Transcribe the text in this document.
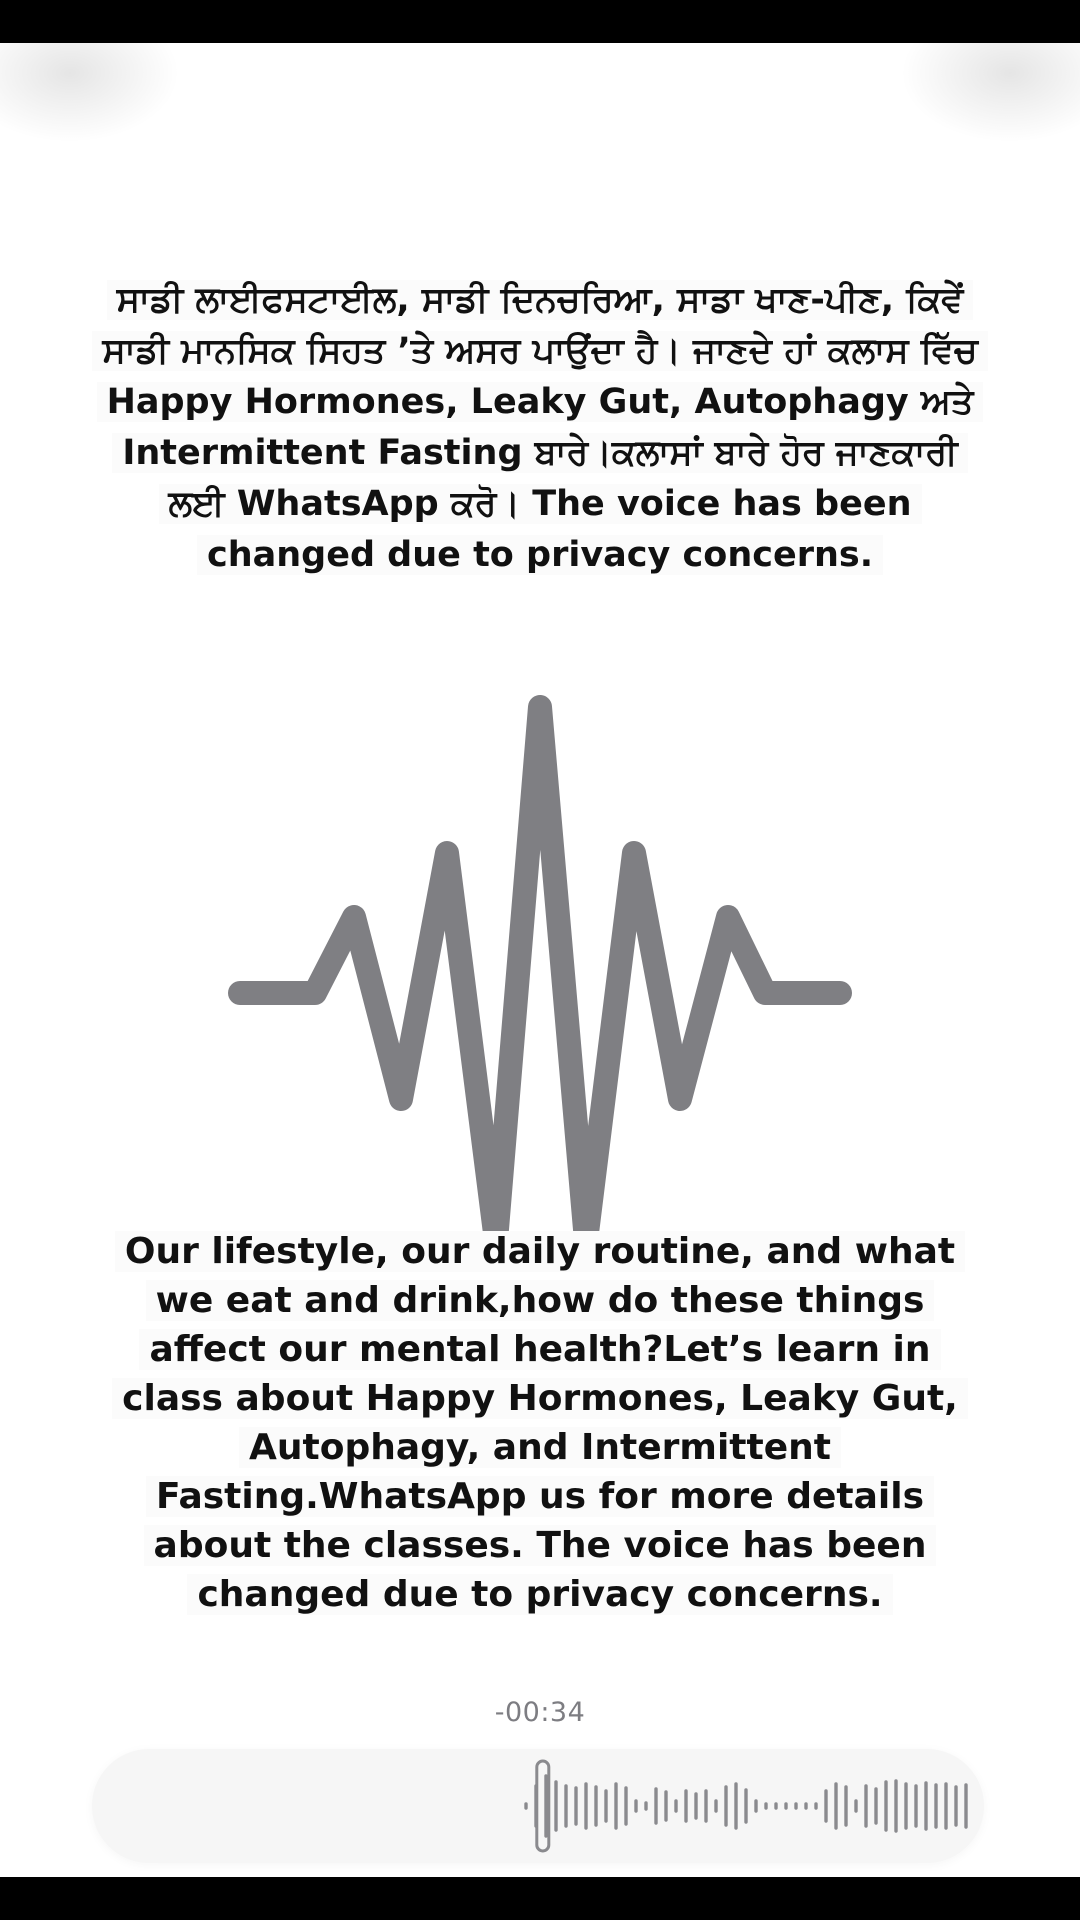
ਸਾਡੀ ਲਾਈਫਸਟਾਈਲ, ਸਾਡੀ ਦਿਨਚਰਿਆ, ਸਾਡਾ ਖਾਣ-ਪੀਣ, ਕਿਵੇਂ ਸਾਡੀ ਮਾਨਸਿਕ ਸਿਹਤ ’ਤੇ ਅਸਰ ਪਾਉਂਦਾ ਹੈ। ਜਾਣਦੇ ਹਾਂ ਕਲਾਸ ਵਿੱਚ Happy Hormones, Leaky Gut, Autophagy ਅਤੇ Intermittent Fasting ਬਾਰੇ।ਕਲਾਸਾਂ ਬਾਰੇ ਹੋਰ ਜਾਣਕਾਰੀ ਲਈ WhatsApp ਕਰੋ। The voice has been changed due to privacy concerns.
Our lifestyle, our daily routine, and what we eat and drink,how do these things affect our mental health?Let’s learn in class about Happy Hormones, Leaky Gut, Autophagy, and Intermittent Fasting.WhatsApp us for more details about the classes. The voice has been changed due to privacy concerns.
-00:34
